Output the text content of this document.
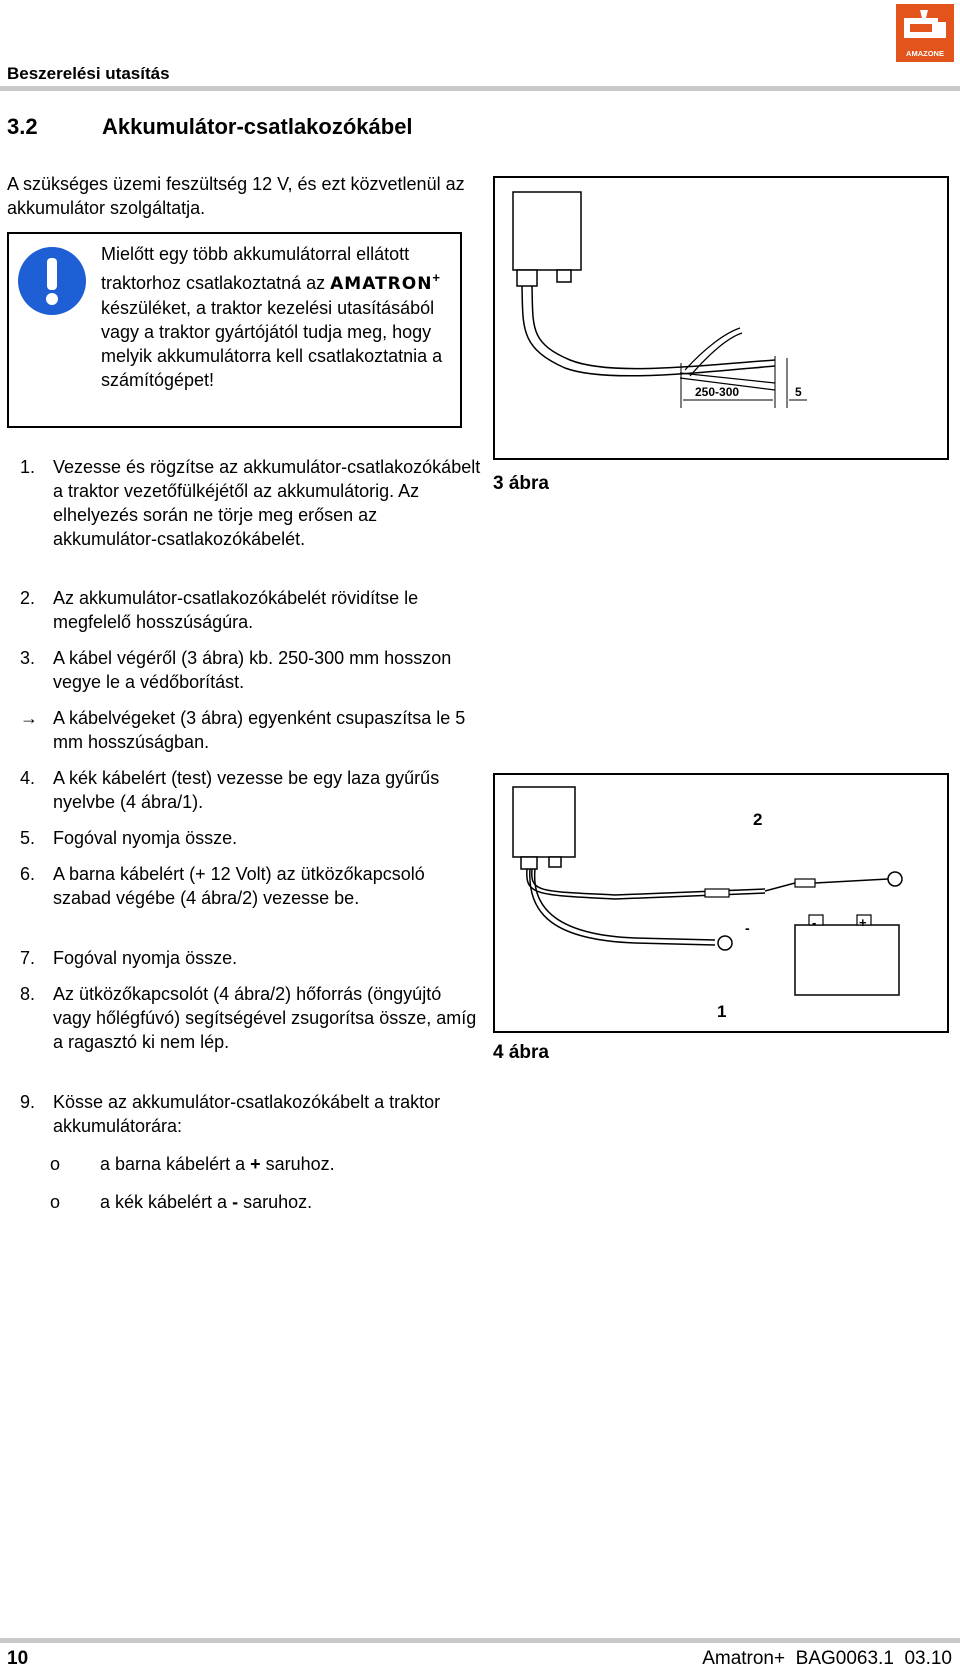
Beszerelési utasítás
AMAZONE
3.2	Akkumulátor-csatlakozókábel
A szükséges üzemi feszültség 12 V, és ezt közvetlenül az akkumulátor szolgáltatja.
Mielőtt egy több akkumulátorral ellátott traktorhoz csatlakoztatná az AMATRON+ készüléket, a traktor kezelési utasításából vagy a traktor gyártójától tudja meg, hogy melyik akkumulátorra kell csatlakoztatnia a számítógépet!
250-300	5
3 ábra
-	+
-
2
1
4 ábra
1. Vezesse és rögzítse az akkumulátor-csatlakozókábelt a traktor vezetőfülkéjétől az akkumulátorig. Az elhelyezés során ne törje meg erősen az akkumulátor-csatlakozókábelét.
2. Az akkumulátor-csatlakozókábelét rövidítse le megfelelő hosszúságúra.
3. A kábel végéről (3 ábra) kb. 250-300 mm hosszon vegye le a védőborítást.
→ A kábelvégeket (3 ábra) egyenként csupaszítsa le 5 mm hosszúságban.
4. A kék kábelért (test) vezesse be egy laza gyűrűs nyelvbe (4 ábra/1).
5. Fogóval nyomja össze.
6. A barna kábelért (+ 12 Volt) az ütközőkapcsoló szabad végébe (4 ábra/2) vezesse be.
7. Fogóval nyomja össze.
8. Az ütközőkapcsolót (4 ábra/2) hőforrás (öngyújtó vagy hőlégfúvó) segítségével zsugorítsa össze, amíg a ragasztó ki nem lép.
9. Kösse az akkumulátor-csatlakozókábelt a traktor akkumulátorára:
ο a barna kábelért a + saruhoz.
ο a kék kábelért a - saruhoz.
10	Amatron+  BAG0063.1  03.10
